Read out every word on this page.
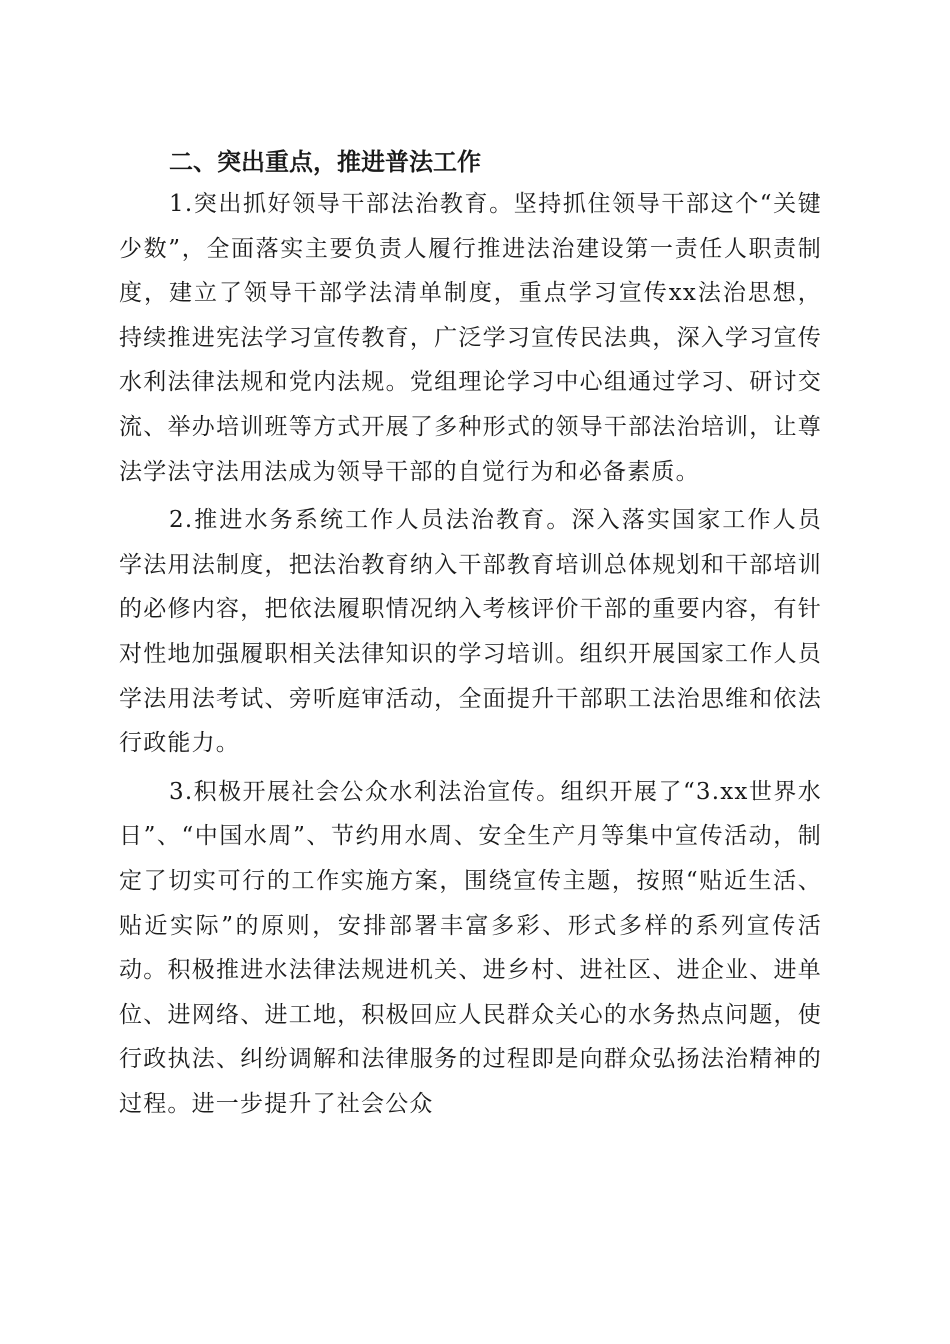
二、突出重点，推进普法工作

1.突出抓好领导干部法治教育。坚持抓住领导干部这个“关键少数”，全面落实主要负责人履行推进法治建设第一责任人职责制度，建立了领导干部学法清单制度，重点学习宣传xx法治思想，持续推进宪法学习宣传教育，广泛学习宣传民法典，深入学习宣传水利法律法规和党内法规。党组理论学习中心组通过学习、研讨交流、举办培训班等方式开展了多种形式的领导干部法治培训，让尊法学法守法用法成为领导干部的自觉行为和必备素质。

2.推进水务系统工作人员法治教育。深入落实国家工作人员学法用法制度，把法治教育纳入干部教育培训总体规划和干部培训的必修内容，把依法履职情况纳入考核评价干部的重要内容，有针对性地加强履职相关法律知识的学习培训。组织开展国家工作人员学法用法考试、旁听庭审活动，全面提升干部职工法治思维和依法行政能力。

3.积极开展社会公众水利法治宣传。组织开展了“3.xx世界水日”、“中国水周”、节约用水周、安全生产月等集中宣传活动，制定了切实可行的工作实施方案，围绕宣传主题，按照“贴近生活、贴近实际”的原则，安排部署丰富多彩、形式多样的系列宣传活动。积极推进水法律法规进机关、进乡村、进社区、进企业、进单位、进网络、进工地，积极回应人民群众关心的水务热点问题，使行政执法、纠纷调解和法律服务的过程即是向群众弘扬法治精神的过程。进一步提升了社会公众
